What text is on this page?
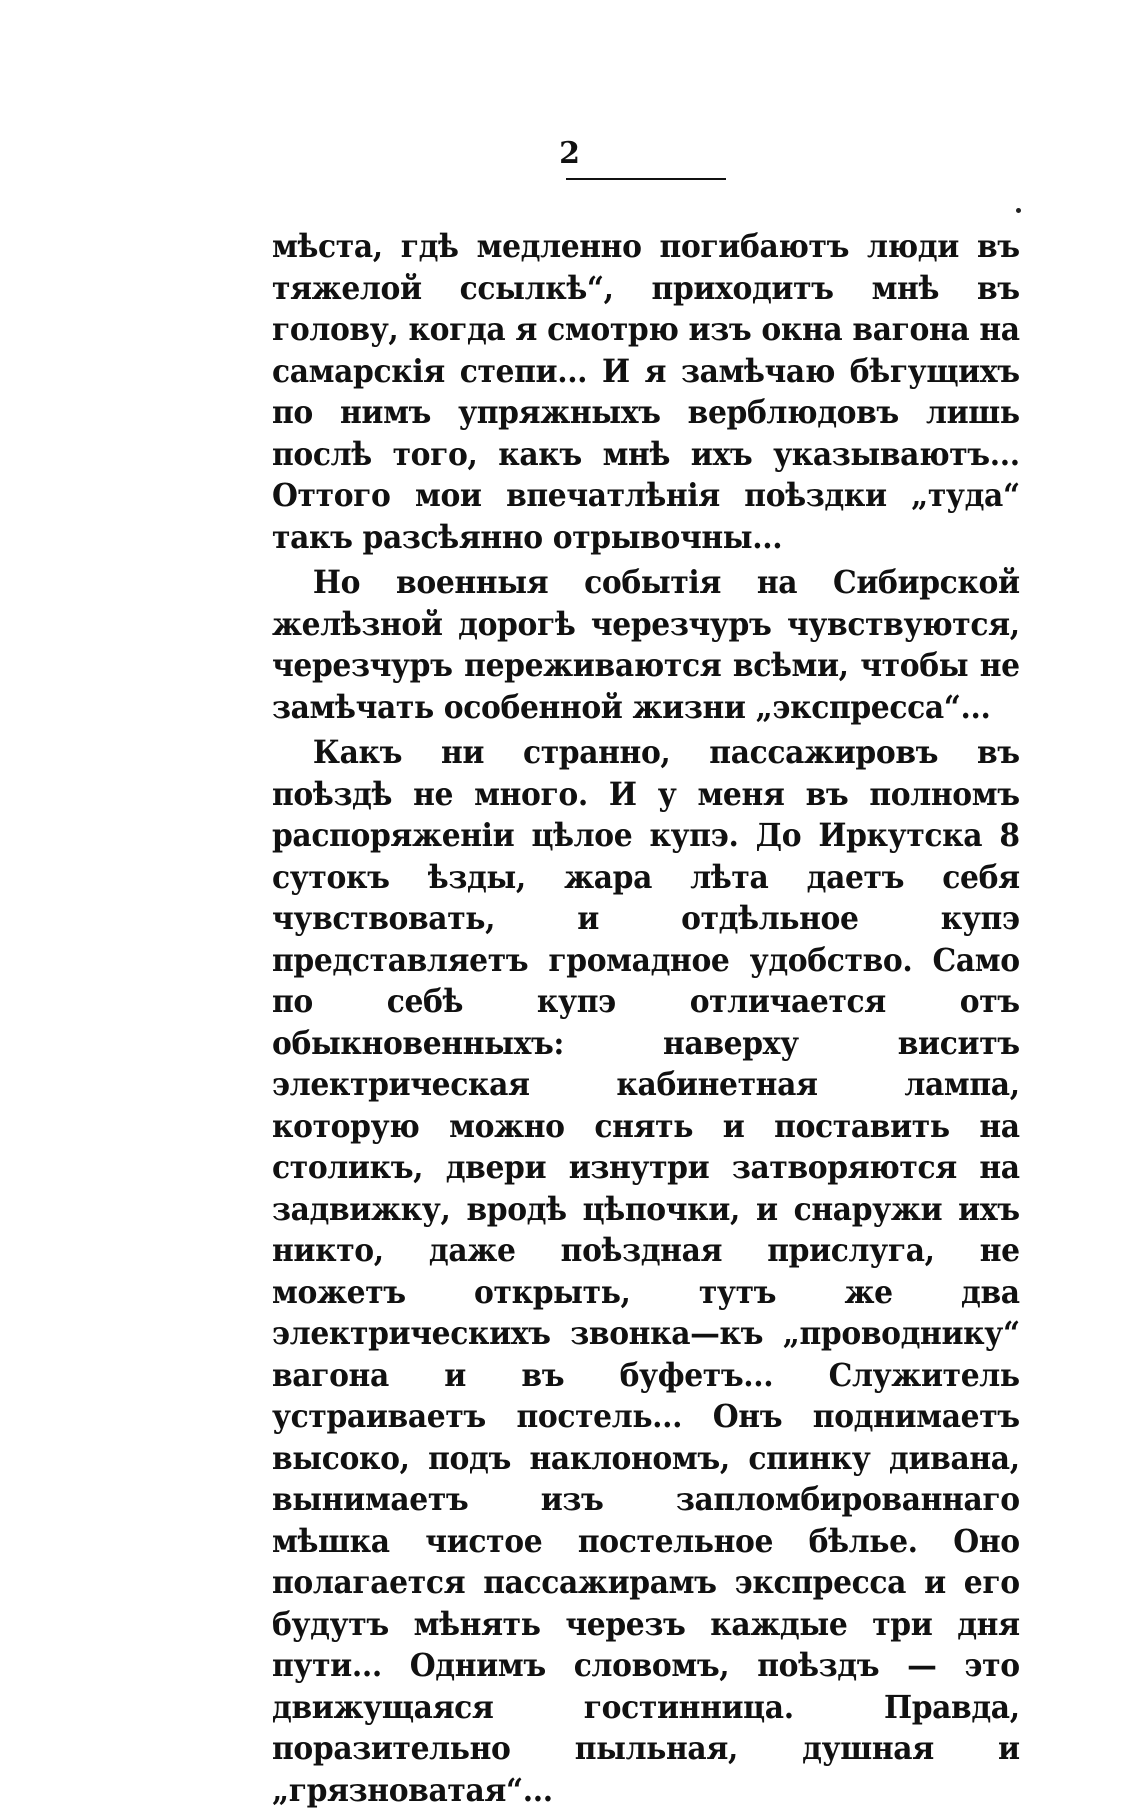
2

мѣста, гдѣ медленно погибаютъ люди въ тяжелой ссылкѣ“, приходитъ мнѣ въ голову, когда я смотрю изъ окна вагона на самарскія степи... И я замѣчаю бѣгущихъ по нимъ упряжныхъ верблюдовъ лишь послѣ того, какъ мнѣ ихъ указываютъ... Оттого мои впечатлѣнія поѣздки „туда“ такъ разсѣянно отрывочны...

Но военныя событія на Сибирской желѣзной дорогѣ черезчуръ чувствуются, черезчуръ переживаются всѣми, чтобы не замѣчать особенной жизни „экспресса“...

Какъ ни странно, пассажировъ въ поѣздѣ не много. И у меня въ полномъ распоряженіи цѣлое купэ. До Иркутска 8 сутокъ ѣзды, жара лѣта даетъ себя чувствовать, и отдѣльное купэ представляетъ громадное удобство. Само по себѣ купэ отличается отъ обыкновенныхъ: наверху виситъ электрическая кабинетная лампа, которую можно снять и поставить на столикъ, двери изнутри затворяются на задвижку, вродѣ цѣпочки, и снаружи ихъ никто, даже поѣздная прислуга, не можетъ открыть, тутъ же два электрическихъ звонка—къ „проводнику“ вагона и въ буфетъ... Служитель устраиваетъ постель... Онъ поднимаетъ высоко, подъ наклономъ, спинку дивана, вынимаетъ изъ запломбированнаго мѣшка чистое постельное бѣлье. Оно полагается пассажирамъ экспресса и его будутъ мѣнять черезъ каждые три дня пути... Однимъ словомъ, поѣздъ — это движущаяся гостинница. Правда, поразительно пыльная, душная и „грязноватая“...
